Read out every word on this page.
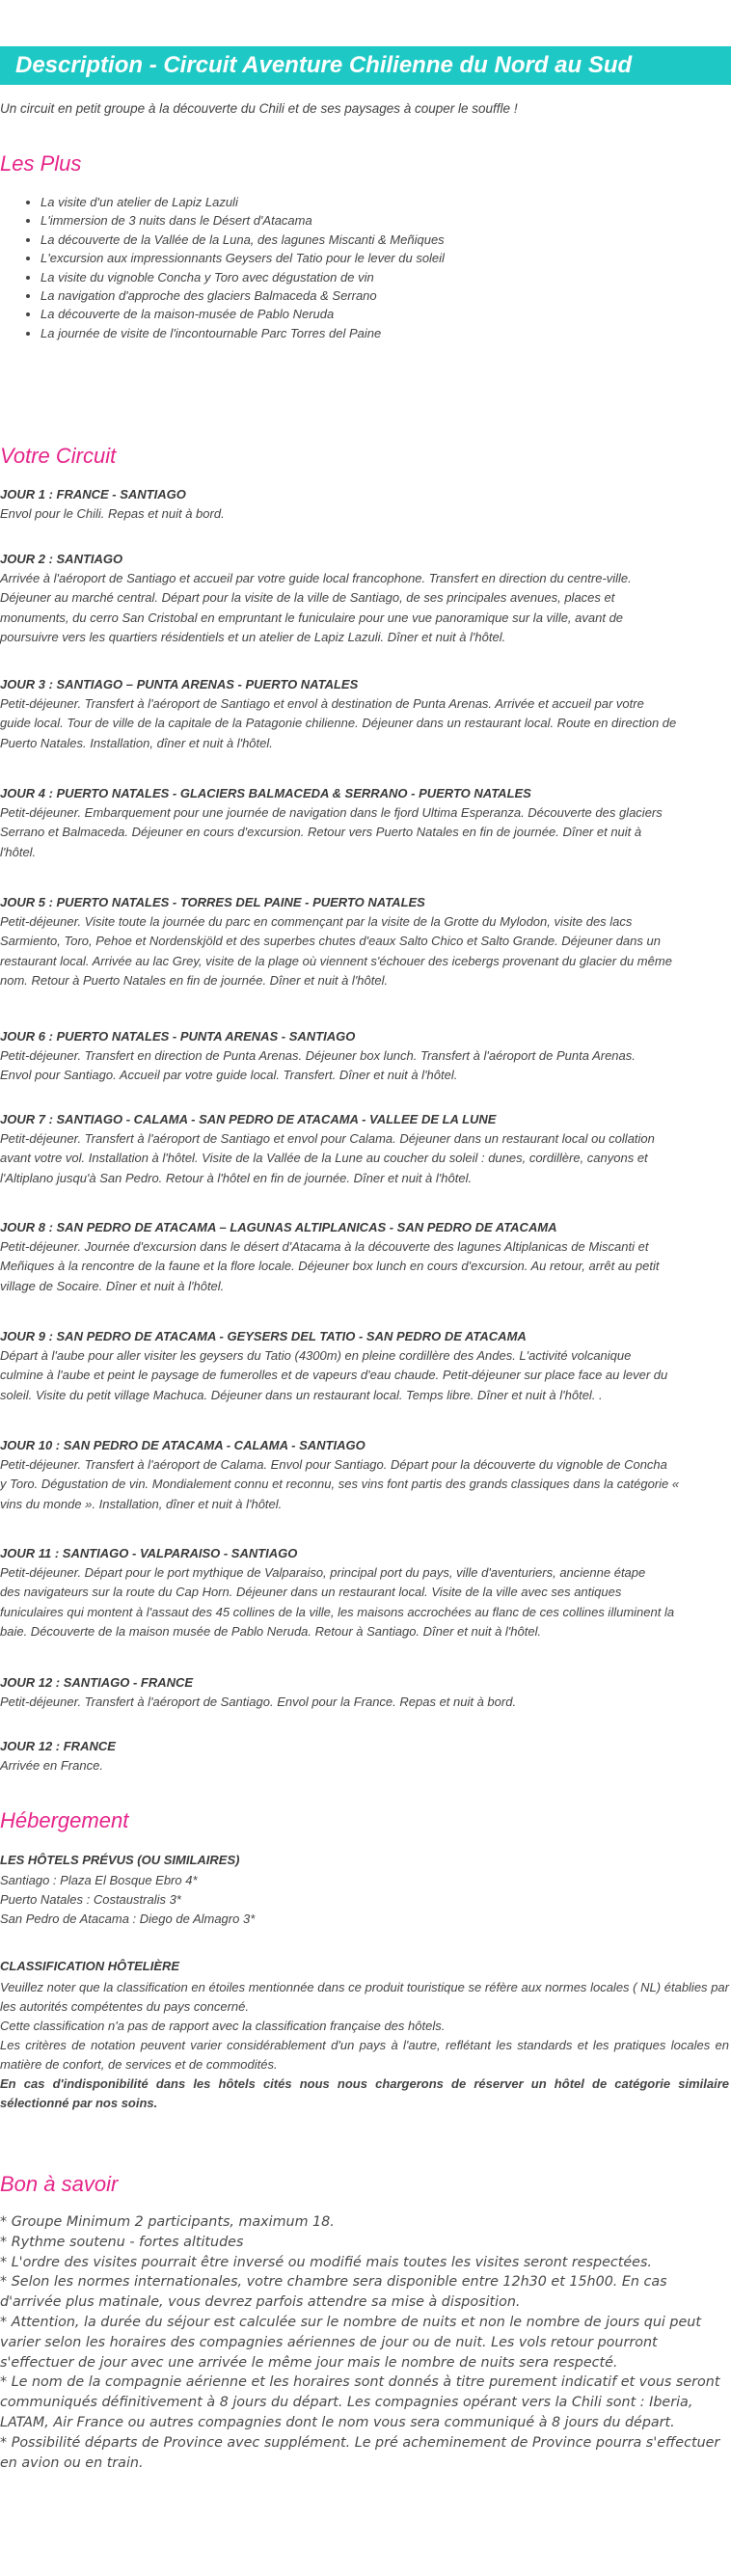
Description - Circuit Aventure Chilienne du Nord au Sud
Un circuit en petit groupe à la découverte du Chili et de ses paysages à couper le souffle !
Les Plus
• La visite d'un atelier de Lapiz Lazuli
• L'immersion de 3 nuits dans le Désert d'Atacama
• La découverte de la Vallée de la Luna, des lagunes Miscanti & Meñiques
• L'excursion aux impressionnants Geysers del Tatio pour le lever du soleil
• La visite du vignoble Concha y Toro avec dégustation de vin
• La navigation d'approche des glaciers Balmaceda & Serrano
• La découverte de la maison-musée de Pablo Neruda
• La journée de visite de l'incontournable Parc Torres del Paine
Votre Circuit
JOUR 1 : FRANCE - SANTIAGO
Envol pour le Chili. Repas et nuit à bord.
JOUR 2 : SANTIAGO
Arrivée à l'aéroport de Santiago et accueil par votre guide local francophone. Transfert en direction du centre-ville.
Déjeuner au marché central. Départ pour la visite de la ville de Santiago, de ses principales avenues, places et
monuments, du cerro San Cristobal en empruntant le funiculaire pour une vue panoramique sur la ville, avant de
poursuivre vers les quartiers résidentiels et un atelier de Lapiz Lazuli. Dîner et nuit à l'hôtel.
JOUR 3 : SANTIAGO – PUNTA ARENAS - PUERTO NATALES
Petit-déjeuner. Transfert à l'aéroport de Santiago et envol à destination de Punta Arenas. Arrivée et accueil par votre
guide local. Tour de ville de la capitale de la Patagonie chilienne. Déjeuner dans un restaurant local. Route en direction de
Puerto Natales. Installation, dîner et nuit à l'hôtel.
JOUR 4 : PUERTO NATALES - GLACIERS BALMACEDA & SERRANO - PUERTO NATALES
Petit-déjeuner. Embarquement pour une journée de navigation dans le fjord Ultima Esperanza. Découverte des glaciers
Serrano et Balmaceda. Déjeuner en cours d'excursion. Retour vers Puerto Natales en fin de journée. Dîner et nuit à
l'hôtel.
JOUR 5 : PUERTO NATALES - TORRES DEL PAINE - PUERTO NATALES
Petit-déjeuner. Visite toute la journée du parc en commençant par la visite de la Grotte du Mylodon, visite des lacs
Sarmiento, Toro, Pehoe et Nordenskjöld et des superbes chutes d'eaux Salto Chico et Salto Grande. Déjeuner dans un
restaurant local. Arrivée au lac Grey, visite de la plage où viennent s'échouer des icebergs provenant du glacier du même
nom. Retour à Puerto Natales en fin de journée. Dîner et nuit à l'hôtel.
JOUR 6 : PUERTO NATALES - PUNTA ARENAS - SANTIAGO
Petit-déjeuner. Transfert en direction de Punta Arenas. Déjeuner box lunch. Transfert à l'aéroport de Punta Arenas.
Envol pour Santiago. Accueil par votre guide local. Transfert. Dîner et nuit à l'hôtel.
JOUR 7 : SANTIAGO - CALAMA - SAN PEDRO DE ATACAMA - VALLEE DE LA LUNE
Petit-déjeuner. Transfert à l'aéroport de Santiago et envol pour Calama. Déjeuner dans un restaurant local ou collation
avant votre vol. Installation à l'hôtel. Visite de la Vallée de la Lune au coucher du soleil : dunes, cordillère, canyons et
l'Altiplano jusqu'à San Pedro. Retour à l'hôtel en fin de journée. Dîner et nuit à l'hôtel.
JOUR 8 : SAN PEDRO DE ATACAMA – LAGUNAS ALTIPLANICAS - SAN PEDRO DE ATACAMA
Petit-déjeuner. Journée d'excursion dans le désert d'Atacama à la découverte des lagunes Altiplanicas de Miscanti et
Meñiques à la rencontre de la faune et la flore locale. Déjeuner box lunch en cours d'excursion. Au retour, arrêt au petit
village de Socaire. Dîner et nuit à l'hôtel.
JOUR 9 : SAN PEDRO DE ATACAMA - GEYSERS DEL TATIO - SAN PEDRO DE ATACAMA
Départ à l'aube pour aller visiter les geysers du Tatio (4300m) en pleine cordillère des Andes. L'activité volcanique
culmine à l'aube et peint le paysage de fumerolles et de vapeurs d'eau chaude. Petit-déjeuner sur place face au lever du
soleil. Visite du petit village Machuca. Déjeuner dans un restaurant local. Temps libre. Dîner et nuit à l'hôtel. .
JOUR 10 : SAN PEDRO DE ATACAMA - CALAMA - SANTIAGO
Petit-déjeuner. Transfert à l'aéroport de Calama. Envol pour Santiago. Départ pour la découverte du vignoble de Concha
y Toro. Dégustation de vin. Mondialement connu et reconnu, ses vins font partis des grands classiques dans la catégorie «
vins du monde ». Installation, dîner et nuit à l'hôtel.
JOUR 11 : SANTIAGO - VALPARAISO - SANTIAGO
Petit-déjeuner. Départ pour le port mythique de Valparaiso, principal port du pays, ville d'aventuriers, ancienne étape
des navigateurs sur la route du Cap Horn. Déjeuner dans un restaurant local. Visite de la ville avec ses antiques
funiculaires qui montent à l'assaut des 45 collines de la ville, les maisons accrochées au flanc de ces collines illuminent la
baie. Découverte de la maison musée de Pablo Neruda. Retour à Santiago. Dîner et nuit à l'hôtel.
JOUR 12 : SANTIAGO - FRANCE
Petit-déjeuner. Transfert à l'aéroport de Santiago. Envol pour la France. Repas et nuit à bord.
JOUR 12 : FRANCE
Arrivée en France.
Hébergement
LES HÔTELS PRÉVUS (OU SIMILAIRES)
Santiago : Plaza El Bosque Ebro 4*
Puerto Natales : Costaustralis 3*
San Pedro de Atacama : Diego de Almagro 3*
CLASSIFICATION HÔTELIÈRE
Veuillez noter que la classification en étoiles mentionnée dans ce produit touristique se réfère aux normes locales ( NL) établies par les autorités compétentes du pays concerné.
Cette classification n'a pas de rapport avec la classification française des hôtels.
Les critères de notation peuvent varier considérablement d'un pays à l'autre, reflétant les standards et les pratiques locales en matière de confort, de services et de commodités.
En cas d'indisponibilité dans les hôtels cités nous nous chargerons de réserver un hôtel de catégorie similaire sélectionné par nos soins.
Bon à savoir
* Groupe Minimum 2 participants, maximum 18.
* Rythme soutenu - fortes altitudes
* L'ordre des visites pourrait être inversé ou modifié mais toutes les visites seront respectées.
* Selon les normes internationales, votre chambre sera disponible entre 12h30 et 15h00. En cas d'arrivée plus matinale, vous devrez parfois attendre sa mise à disposition.
* Attention, la durée du séjour est calculée sur le nombre de nuits et non le nombre de jours qui peut varier selon les horaires des compagnies aériennes de jour ou de nuit. Les vols retour pourront s'effectuer de jour avec une arrivée le même jour mais le nombre de nuits sera respecté.
* Le nom de la compagnie aérienne et les horaires sont donnés à titre purement indicatif et vous seront communiqués définitivement à 8 jours du départ. Les compagnies opérant vers la Chili sont : Iberia, LATAM, Air France ou autres compagnies dont le nom vous sera communiqué à 8 jours du départ.
* Possibilité départs de Province avec supplément. Le pré acheminement de Province pourra s'effectuer en avion ou en train.
